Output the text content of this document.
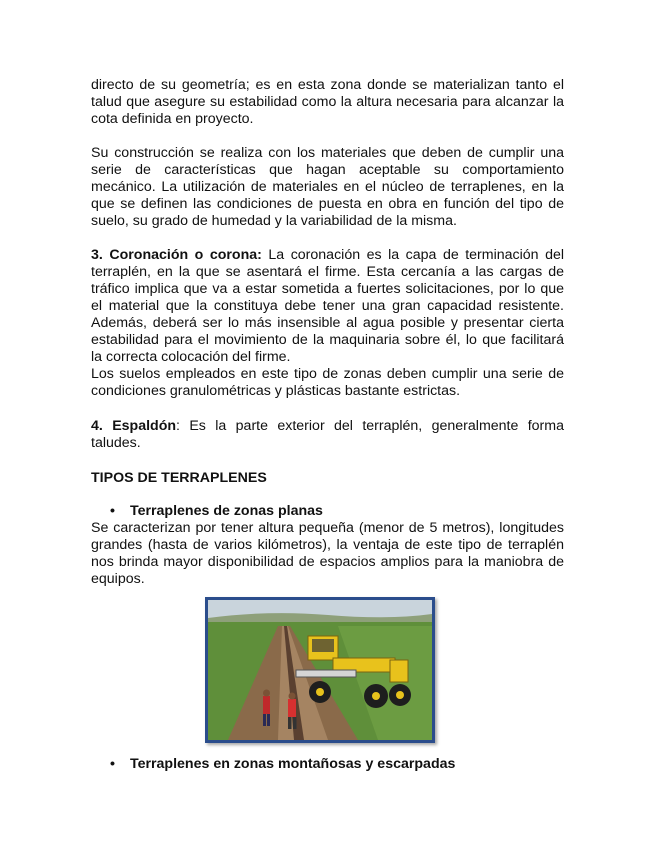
directo de su geometría; es en esta zona donde se materializan tanto el talud que asegure su estabilidad como la altura necesaria para alcanzar la cota definida en proyecto.

Su construcción se realiza con los materiales que deben de cumplir una serie de características que hagan aceptable su comportamiento mecánico. La utilización de materiales en el núcleo de terraplenes, en la que se definen las condiciones de puesta en obra en función del tipo de suelo, su grado de humedad y la variabilidad de la misma.

3. Coronación o corona: La coronación es la capa de terminación del terraplén, en la que se asentará el firme. Esta cercanía a las cargas de tráfico implica que va a estar sometida a fuertes solicitaciones, por lo que el material que la constituya debe tener una gran capacidad resistente. Además, deberá ser lo más insensible al agua posible y presentar cierta estabilidad para el movimiento de la maquinaria sobre él, lo que facilitará la correcta colocación del firme.

Los suelos empleados en este tipo de zonas deben cumplir una serie de condiciones granulométricas y plásticas bastante estrictas.

4. Espaldón: Es la parte exterior del terraplén, generalmente forma taludes.

TIPOS DE TERRAPLENES
• Terraplenes de zonas planas

Se caracterizan por tener altura pequeña (menor de 5 metros), longitudes grandes (hasta de varios kilómetros), la ventaja de este tipo de terraplén nos brinda mayor disponibilidad de espacios amplios para la maniobra de equipos.

• Terraplenes en zonas montañosas y escarpadas
